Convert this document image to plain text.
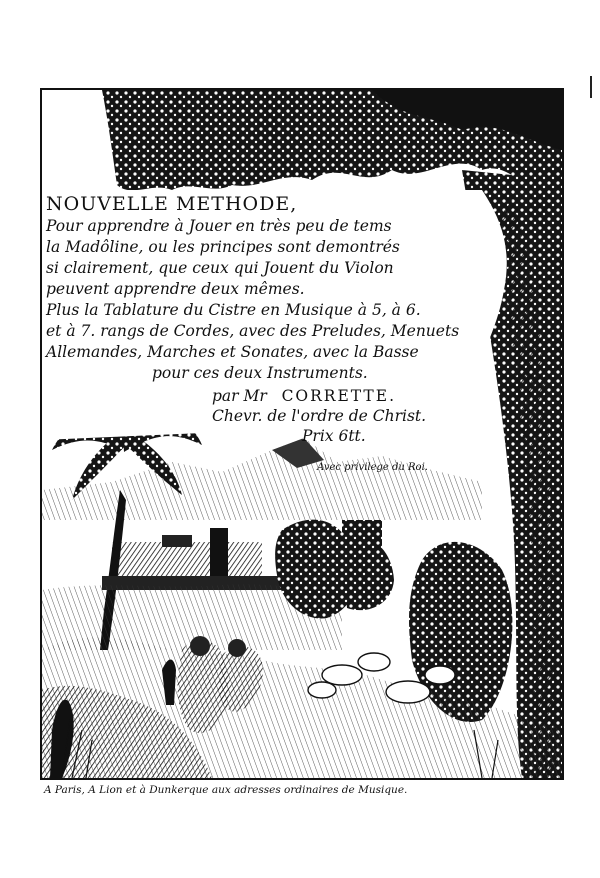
NOUVELLE METHODE,
Pour apprendre à Jouer en très peu de tems
la Madôline, ou les principes sont demontrés
si clairement, que ceux qui Jouent du Violon
peuvent apprendre deux mêmes.
Plus la Tablature du Cistre en Musique à 5, à 6.
et à 7. rangs de Cordes, avec des Preludes, Menuets
Allemandes, Marches et Sonates, avec la Basse
pour ces deux Instruments.
par Mr CORRETTE.
Chevr. de l'ordre de Christ.
Prix 6tt.
Avec privilege du Roi.
A Paris, A Lion et à Dunkerque aux adresses ordinaires de Musique.
